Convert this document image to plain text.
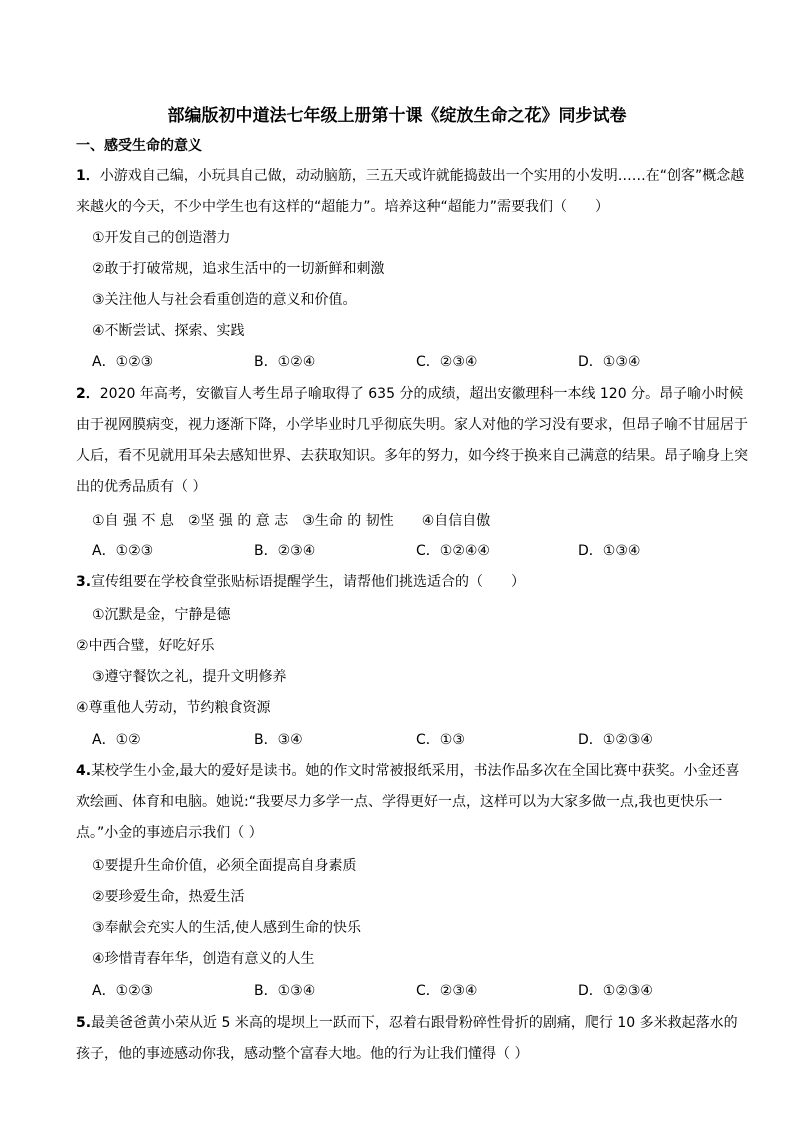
部编版初中道法七年级上册第十课《绽放生命之花》同步试卷
一、感受生命的意义

1．小游戏自己编，小玩具自己做，动动脑筋，三五天或许就能捣鼓出一个实用的小发明……在“创客”概念越来越火的今天，不少中学生也有这样的“超能力”。培养这种“超能力”需要我们（　　）

①开发自己的创造潜力
②敢于打破常规，追求生活中的一切新鲜和刺激
③关注他人与社会看重创造的意义和价值。
④不断尝试、探索、实践
A．①②③	B．①②④	C．②③④	D．①③④

2．2020 年高考，安徽盲人考生昂子喻取得了 635 分的成绩，超出安徽理科一本线 120 分。昂子喻小时候由于视网膜病变，视力逐渐下降，小学毕业时几乎彻底失明。家人对他的学习没有要求，但昂子喻不甘屈居于人后，看不见就用耳朵去感知世界、去获取知识。多年的努力，如今终于换来自己满意的结果。昂子喻身上突出的优秀品质有（ ）

①自 强 不 息　②坚 强 的 意 志　③生命 的 韧性　　④自信自傲
A．①②③	B．②③④	C．①②④④	D．①③④

3.宣传组要在学校食堂张贴标语提醒学生，请帮他们挑选适合的（　　）

①沉默是金，宁静是德
②中西合璧，好吃好乐
③遵守餐饮之礼，提升文明修养
④尊重他人劳动，节约粮食资源
A．①②	B．③④	C．①③	D．①②③④

4.某校学生小金,最大的爱好是读书。她的作文时常被报纸采用，书法作品多次在全国比赛中获奖。小金还喜欢绘画、体育和电脑。她说:“我要尽力多学一点、学得更好一点，这样可以为大家多做一点,我也更快乐一点。”小金的事迹启示我们（ ）

①要提升生命价值，必须全面提高自身素质
②要珍爱生命，热爱生活
③奉献会充实人的生活,使人感到生命的快乐
④珍惜青春年华，创造有意义的人生
A．①②③	B．①③④	C．②③④	D．①②③④

5.最美爸爸黄小荣从近 5 米高的堤坝上一跃而下，忍着右跟骨粉碎性骨折的剧痛，爬行 10 多米救起落水的孩子，他的事迹感动你我，感动整个富春大地。他的行为让我们懂得（ ）
